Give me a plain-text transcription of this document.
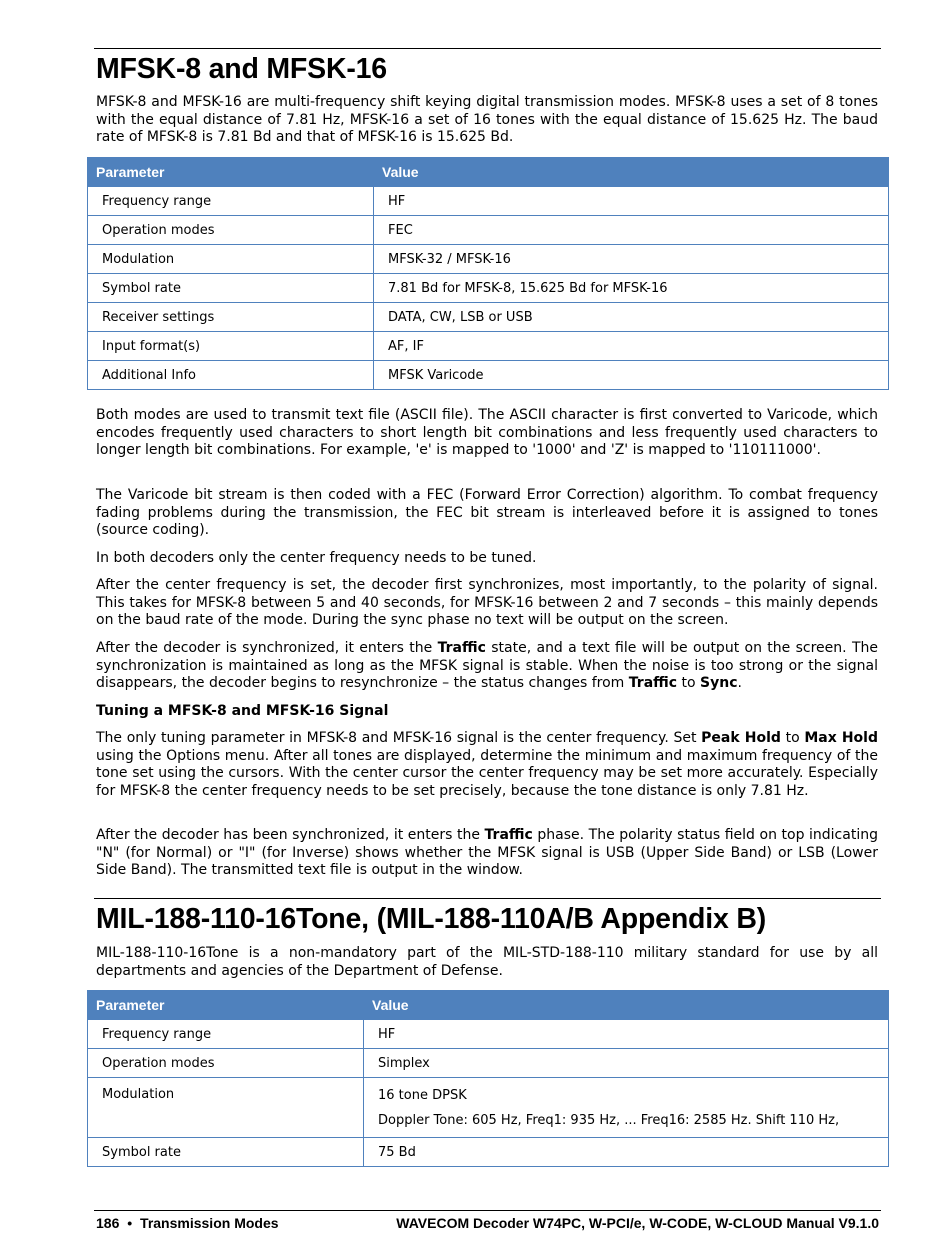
MFSK-8 and MFSK-16

MFSK-8 and MFSK-16 are multi-frequency shift keying digital transmission modes. MFSK-8 uses a set of 8 tones with the equal distance of 7.81 Hz, MFSK-16 a set of 16 tones with the equal distance of 15.625 Hz. The baud rate of MFSK-8 is 7.81 Bd and that of MFSK-16 is 15.625 Bd.

Parameter	Value
Frequency range	HF
Operation modes	FEC
Modulation	MFSK-32 / MFSK-16
Symbol rate	7.81 Bd for MFSK-8, 15.625 Bd for MFSK-16
Receiver settings	DATA, CW, LSB or USB
Input format(s)	AF, IF
Additional Info	MFSK Varicode

Both modes are used to transmit text file (ASCII file). The ASCII character is first converted to Varicode, which encodes frequently used characters to short length bit combinations and less frequently used characters to longer length bit combinations. For example, 'e' is mapped to '1000' and 'Z' is mapped to '110111000'.

The Varicode bit stream is then coded with a FEC (Forward Error Correction) algorithm. To combat frequency fading problems during the transmission, the FEC bit stream is interleaved before it is assigned to tones (source coding).

In both decoders only the center frequency needs to be tuned.

After the center frequency is set, the decoder first synchronizes, most importantly, to the polarity of signal. This takes for MFSK-8 between 5 and 40 seconds, for MFSK-16 between 2 and 7 seconds – this mainly depends on the baud rate of the mode. During the sync phase no text will be output on the screen.

After the decoder is synchronized, it enters the Traffic state, and a text file will be output on the screen. The synchronization is maintained as long as the MFSK signal is stable. When the noise is too strong or the signal disappears, the decoder begins to resynchronize – the status changes from Traffic to Sync.

Tuning a MFSK-8 and MFSK-16 Signal

The only tuning parameter in MFSK-8 and MFSK-16 signal is the center frequency. Set Peak Hold to Max Hold using the Options menu. After all tones are displayed, determine the minimum and maximum frequency of the tone set using the cursors. With the center cursor the center frequency may be set more accurately. Especially for MFSK-8 the center frequency needs to be set precisely, because the tone distance is only 7.81 Hz.

After the decoder has been synchronized, it enters the Traffic phase. The polarity status field on top indicating "N" (for Normal) or "I" (for Inverse) shows whether the MFSK signal is USB (Upper Side Band) or LSB (Lower Side Band). The transmitted text file is output in the window.

MIL-188-110-16Tone, (MIL-188-110A/B Appendix B)

MIL-188-110-16Tone is a non-mandatory part of the MIL-STD-188-110 military standard for use by all departments and agencies of the Department of Defense.

Parameter	Value
Frequency range	HF
Operation modes	Simplex
Modulation	16 tone DPSK
Doppler Tone: 605 Hz, Freq1: 935 Hz, ... Freq16: 2585 Hz. Shift 110 Hz,

Symbol rate	75 Bd
186 • Transmission Modes	WAVECOM Decoder W74PC, W-PCI/e, W-CODE, W-CLOUD Manual V9.1.0
